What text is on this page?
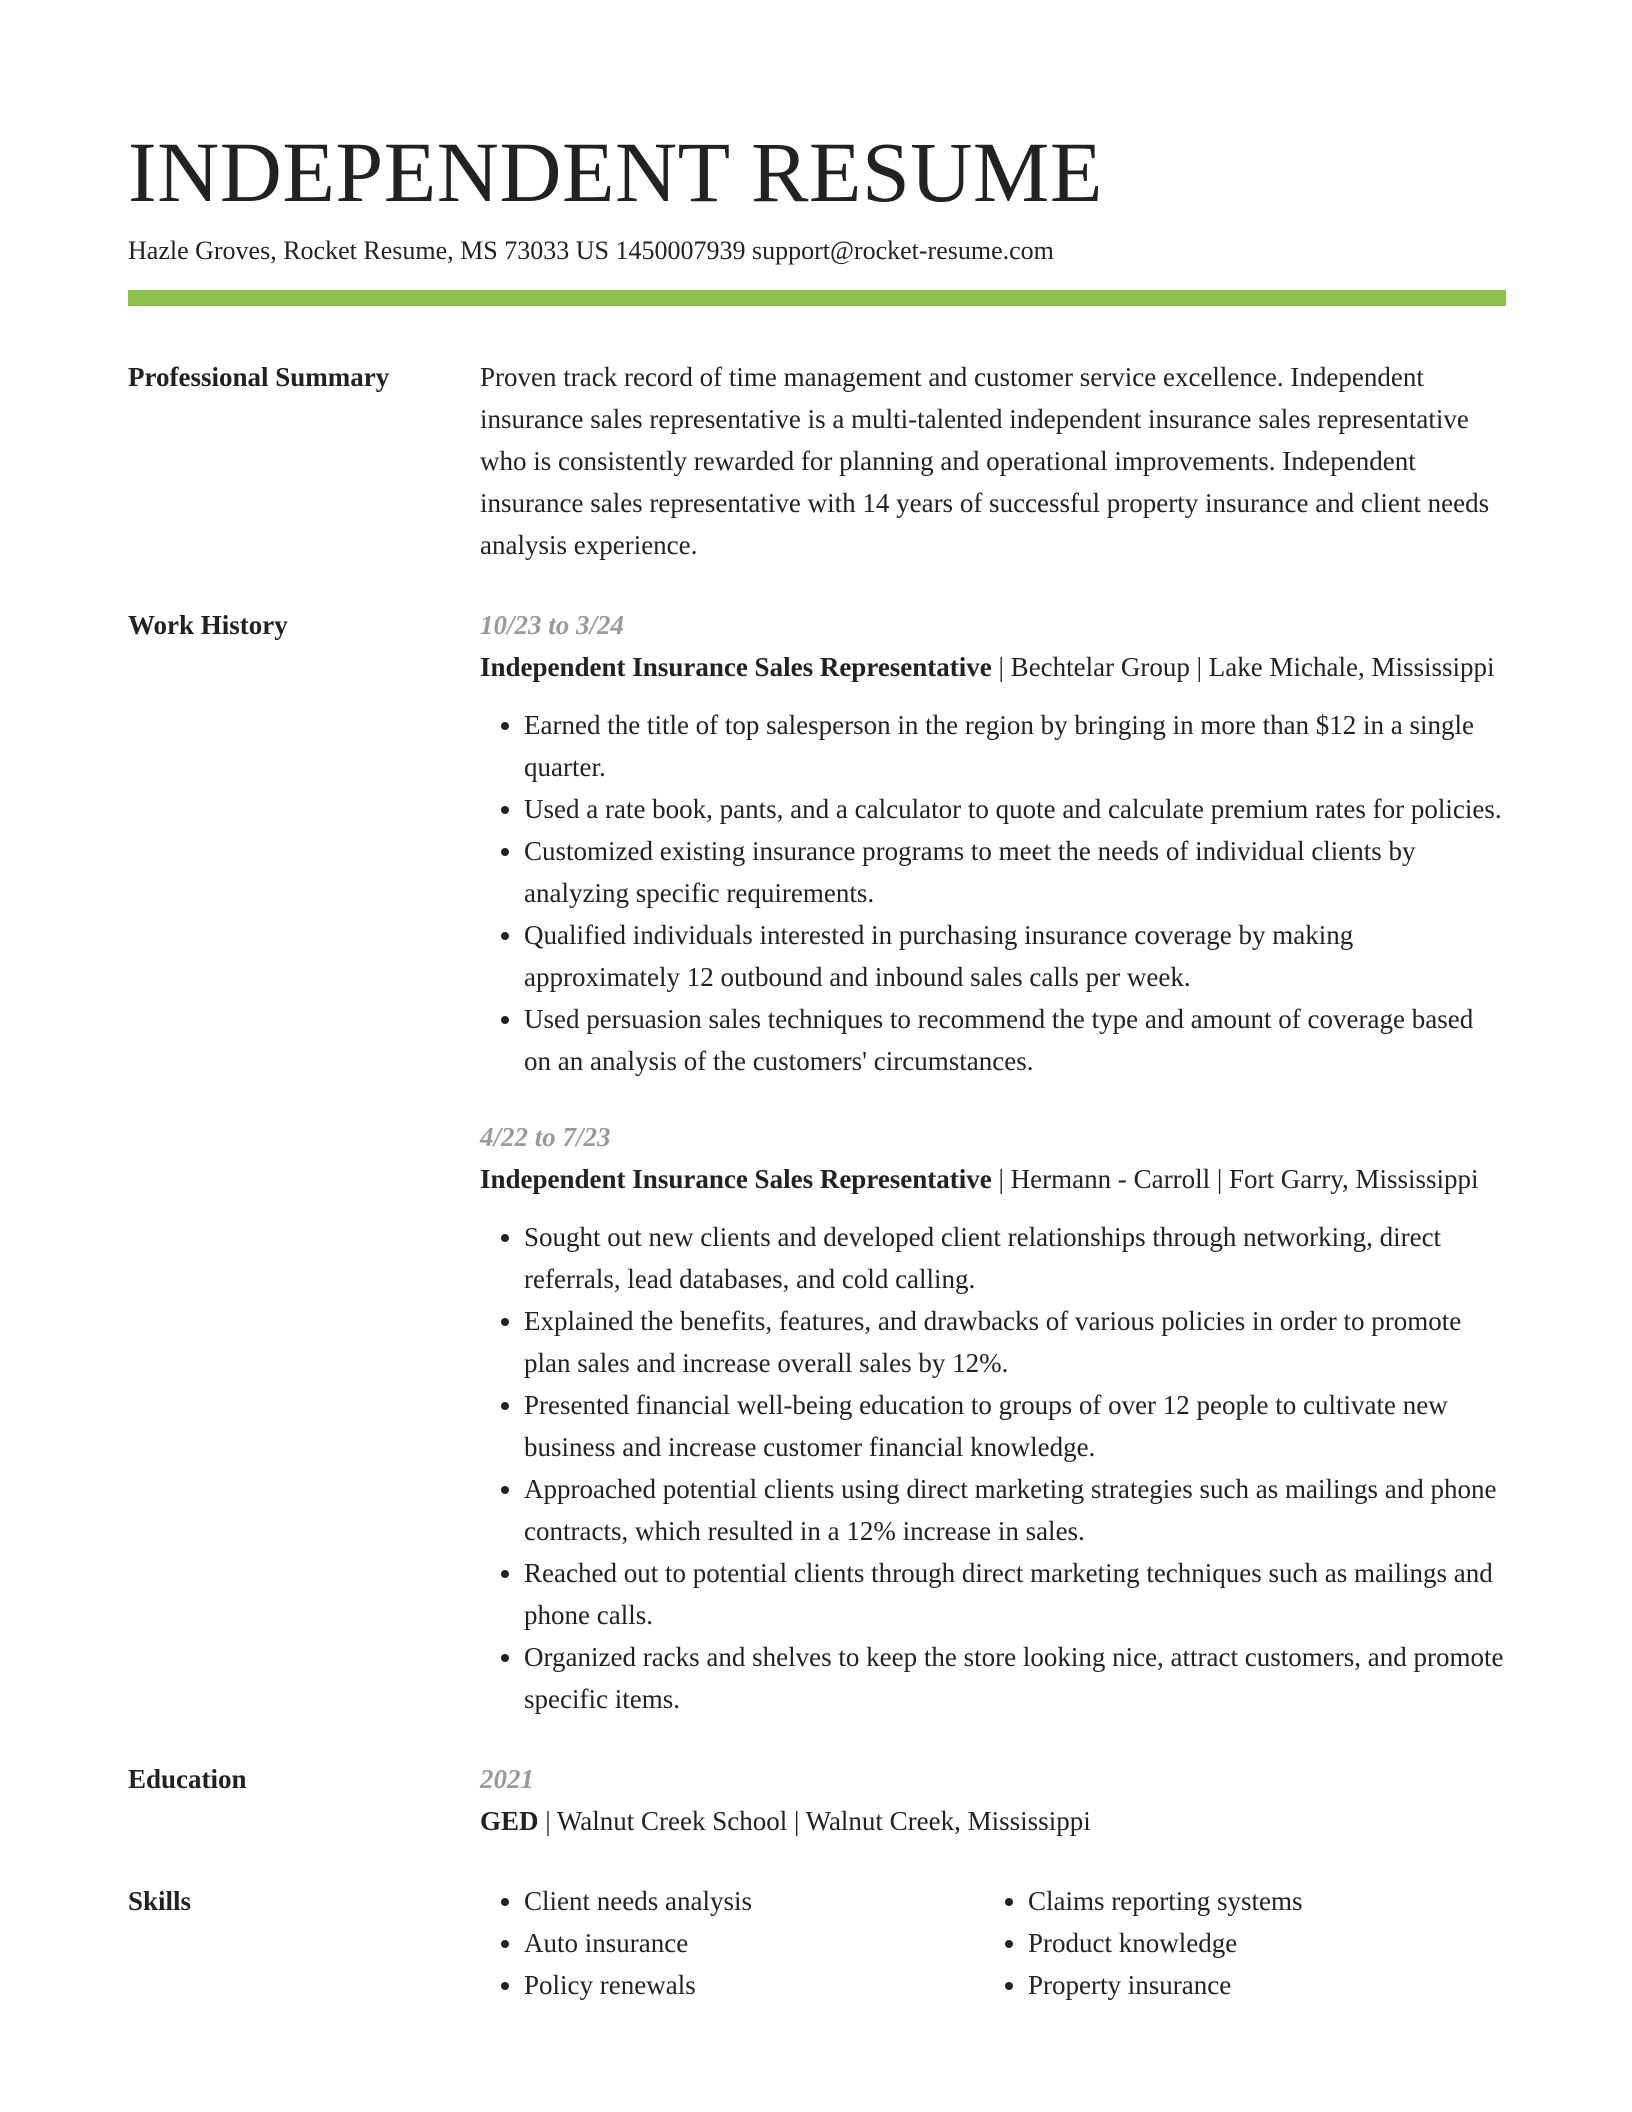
INDEPENDENT RESUME
Hazle Groves, Rocket Resume, MS 73033 US 1450007939 support@rocket-resume.com
Professional Summary	Proven track record of time management and customer service excellence. Independent insurance sales representative is a multi-talented independent insurance sales representative who is consistently rewarded for planning and operational improvements. Independent insurance sales representative with 14 years of successful property insurance and client needs analysis experience.

Work History	10/23 to 3/24
Independent Insurance Sales Representative | Bechtelar Group | Lake Michale, Mississippi
• Earned the title of top salesperson in the region by bringing in more than $12 in a single quarter.
• Used a rate book, pants, and a calculator to quote and calculate premium rates for policies.
• Customized existing insurance programs to meet the needs of individual clients by analyzing specific requirements.
• Qualified individuals interested in purchasing insurance coverage by making approximately 12 outbound and inbound sales calls per week.
• Used persuasion sales techniques to recommend the type and amount of coverage based on an analysis of the customers' circumstances.
4/22 to 7/23
Independent Insurance Sales Representative | Hermann - Carroll | Fort Garry, Mississippi
• Sought out new clients and developed client relationships through networking, direct referrals, lead databases, and cold calling.
• Explained the benefits, features, and drawbacks of various policies in order to promote plan sales and increase overall sales by 12%.
• Presented financial well-being education to groups of over 12 people to cultivate new business and increase customer financial knowledge.
• Approached potential clients using direct marketing strategies such as mailings and phone contracts, which resulted in a 12% increase in sales.
• Reached out to potential clients through direct marketing techniques such as mailings and phone calls.
• Organized racks and shelves to keep the store looking nice, attract customers, and promote specific items.
Education	2021
GED | Walnut Creek School | Walnut Creek, Mississippi
Skills
•	Client needs analysis
• Auto insurance
• Policy renewals
• Claims reporting systems
• Product knowledge
• Property insurance
